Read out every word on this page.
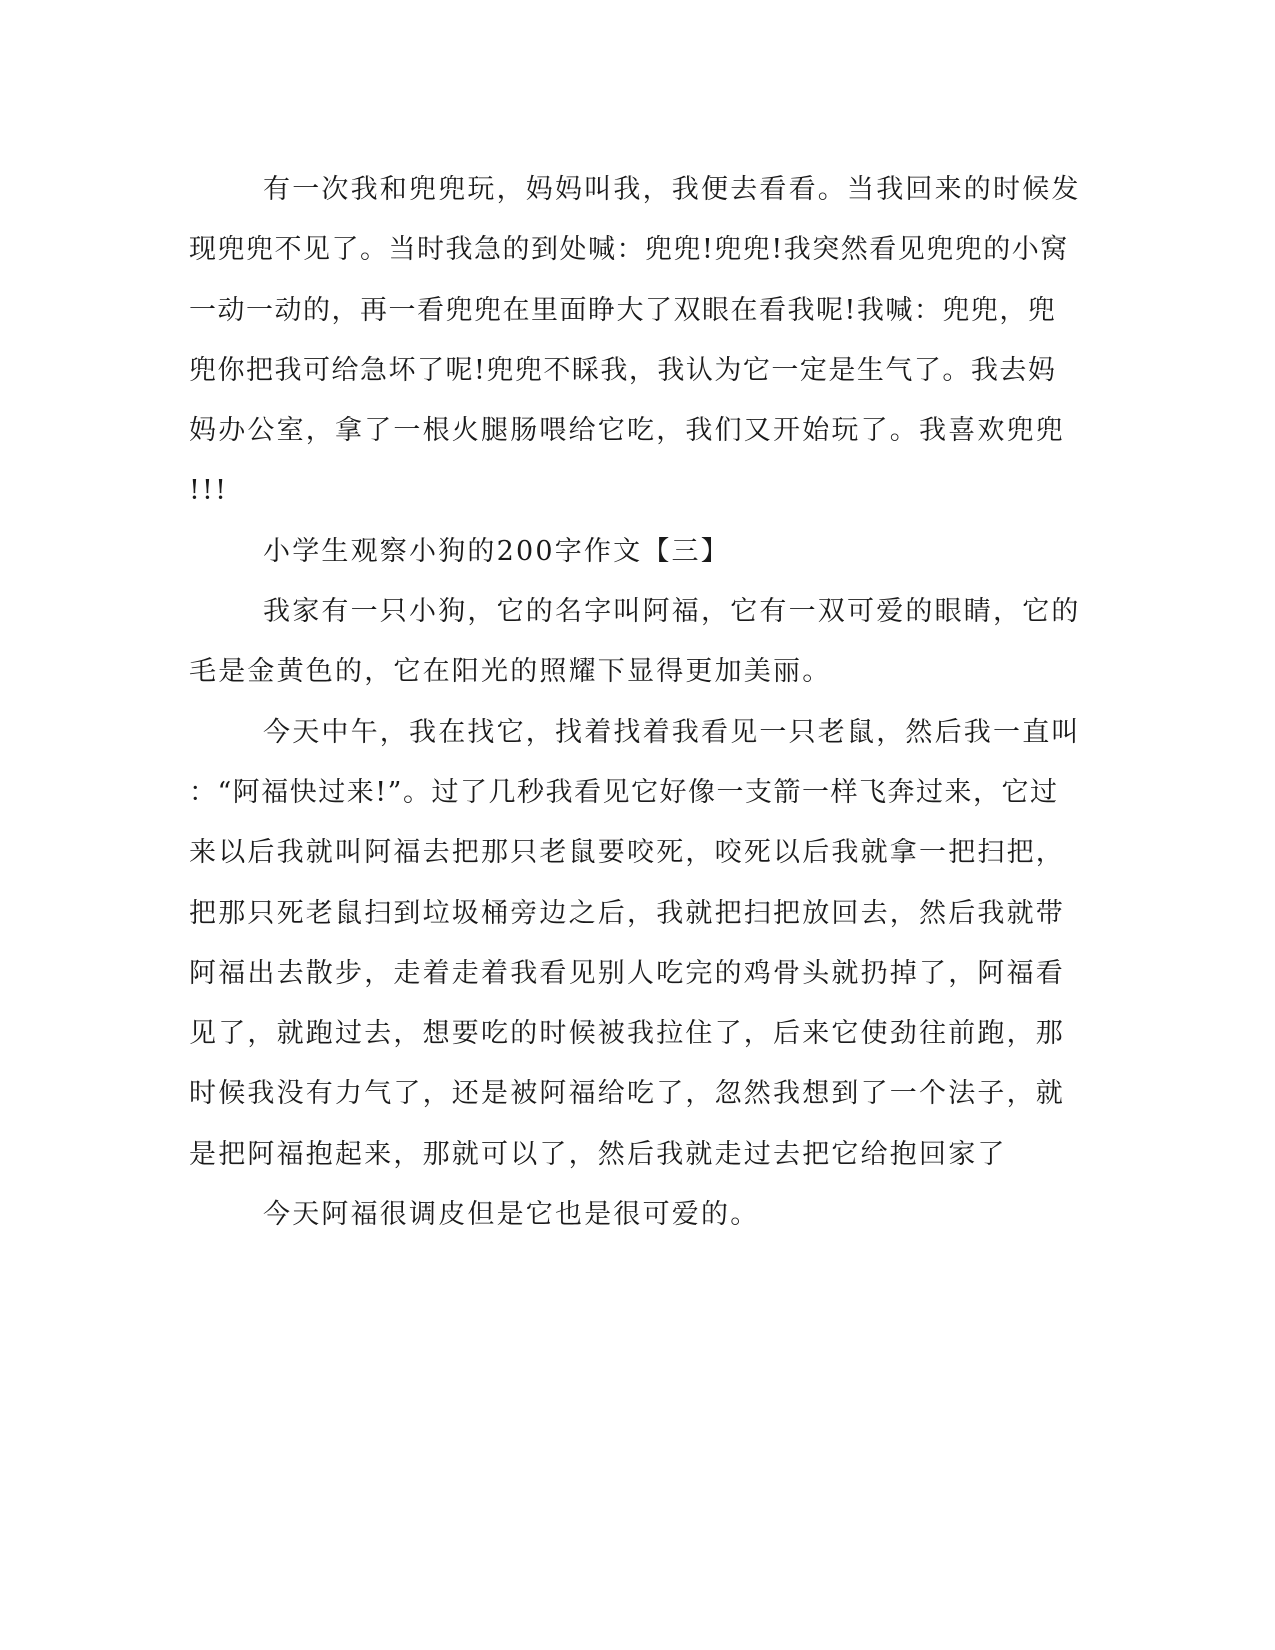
有一次我和兜兜玩，妈妈叫我，我便去看看。当我回来的时候发
现兜兜不见了。当时我急的到处喊：兜兜!兜兜!我突然看见兜兜的小窝
一动一动的，再一看兜兜在里面睁大了双眼在看我呢!我喊：兜兜，兜
兜你把我可给急坏了呢!兜兜不睬我，我认为它一定是生气了。我去妈
妈办公室，拿了一根火腿肠喂给它吃，我们又开始玩了。我喜欢兜兜
!!!
小学生观察小狗的200字作文【三】
我家有一只小狗，它的名字叫阿福，它有一双可爱的眼睛，它的
毛是金黄色的，它在阳光的照耀下显得更加美丽。
今天中午，我在找它，找着找着我看见一只老鼠，然后我一直叫
：“阿福快过来!”。过了几秒我看见它好像一支箭一样飞奔过来，它过
来以后我就叫阿福去把那只老鼠要咬死，咬死以后我就拿一把扫把，
把那只死老鼠扫到垃圾桶旁边之后，我就把扫把放回去，然后我就带
阿福出去散步，走着走着我看见别人吃完的鸡骨头就扔掉了，阿福看
见了，就跑过去，想要吃的时候被我拉住了，后来它使劲往前跑，那
时候我没有力气了，还是被阿福给吃了，忽然我想到了一个法子，就
是把阿福抱起来，那就可以了，然后我就走过去把它给抱回家了
今天阿福很调皮但是它也是很可爱的。
